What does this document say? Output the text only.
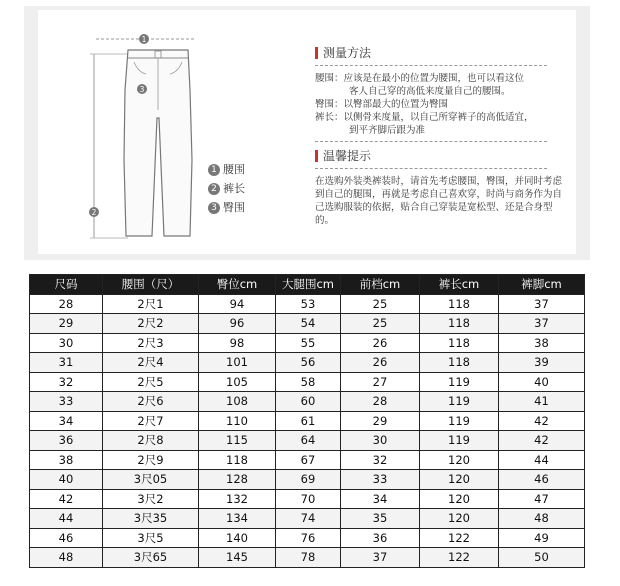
1
3
2
1 腰围
2 裤长
3 臀围
测量方法
腰围：应该是在最小的位置为腰围，也可以看这位
客人自己穿的高低来度量自己的腰围。
臀围：以臀部最大的位置为臀围
裤长：以侧骨来度量，以自己所穿裤子的高低适宜，
到平齐脚后跟为准
温馨提示
在选购外装类裤装时，请首先考虑腰围，臀围，并同时考虑到自己的腿围，再就是考虑自己喜欢穿，时尚与商务作为自己选购服装的依据，贴合自己穿装是宽松型、还是合身型的。
尺码	腰围（尺）	臀位cm	大腿围cm	前档cm	裤长cm	裤脚cm
28	2尺1	94	53	25	118	37
29	2尺2	96	54	25	118	37
30	2尺3	98	55	26	118	38
31	2尺4	101	56	26	118	39
32	2尺5	105	58	27	119	40
33	2尺6	108	60	28	119	41
34	2尺7	110	61	29	119	42
36	2尺8	115	64	30	119	42
38	2尺9	118	67	32	120	44
40	3尺05	128	69	33	120	46
42	3尺2	132	70	34	120	47
44	3尺35	134	74	35	120	48
46	3尺5	140	76	36	122	49
48	3尺65	145	78	37	122	50
